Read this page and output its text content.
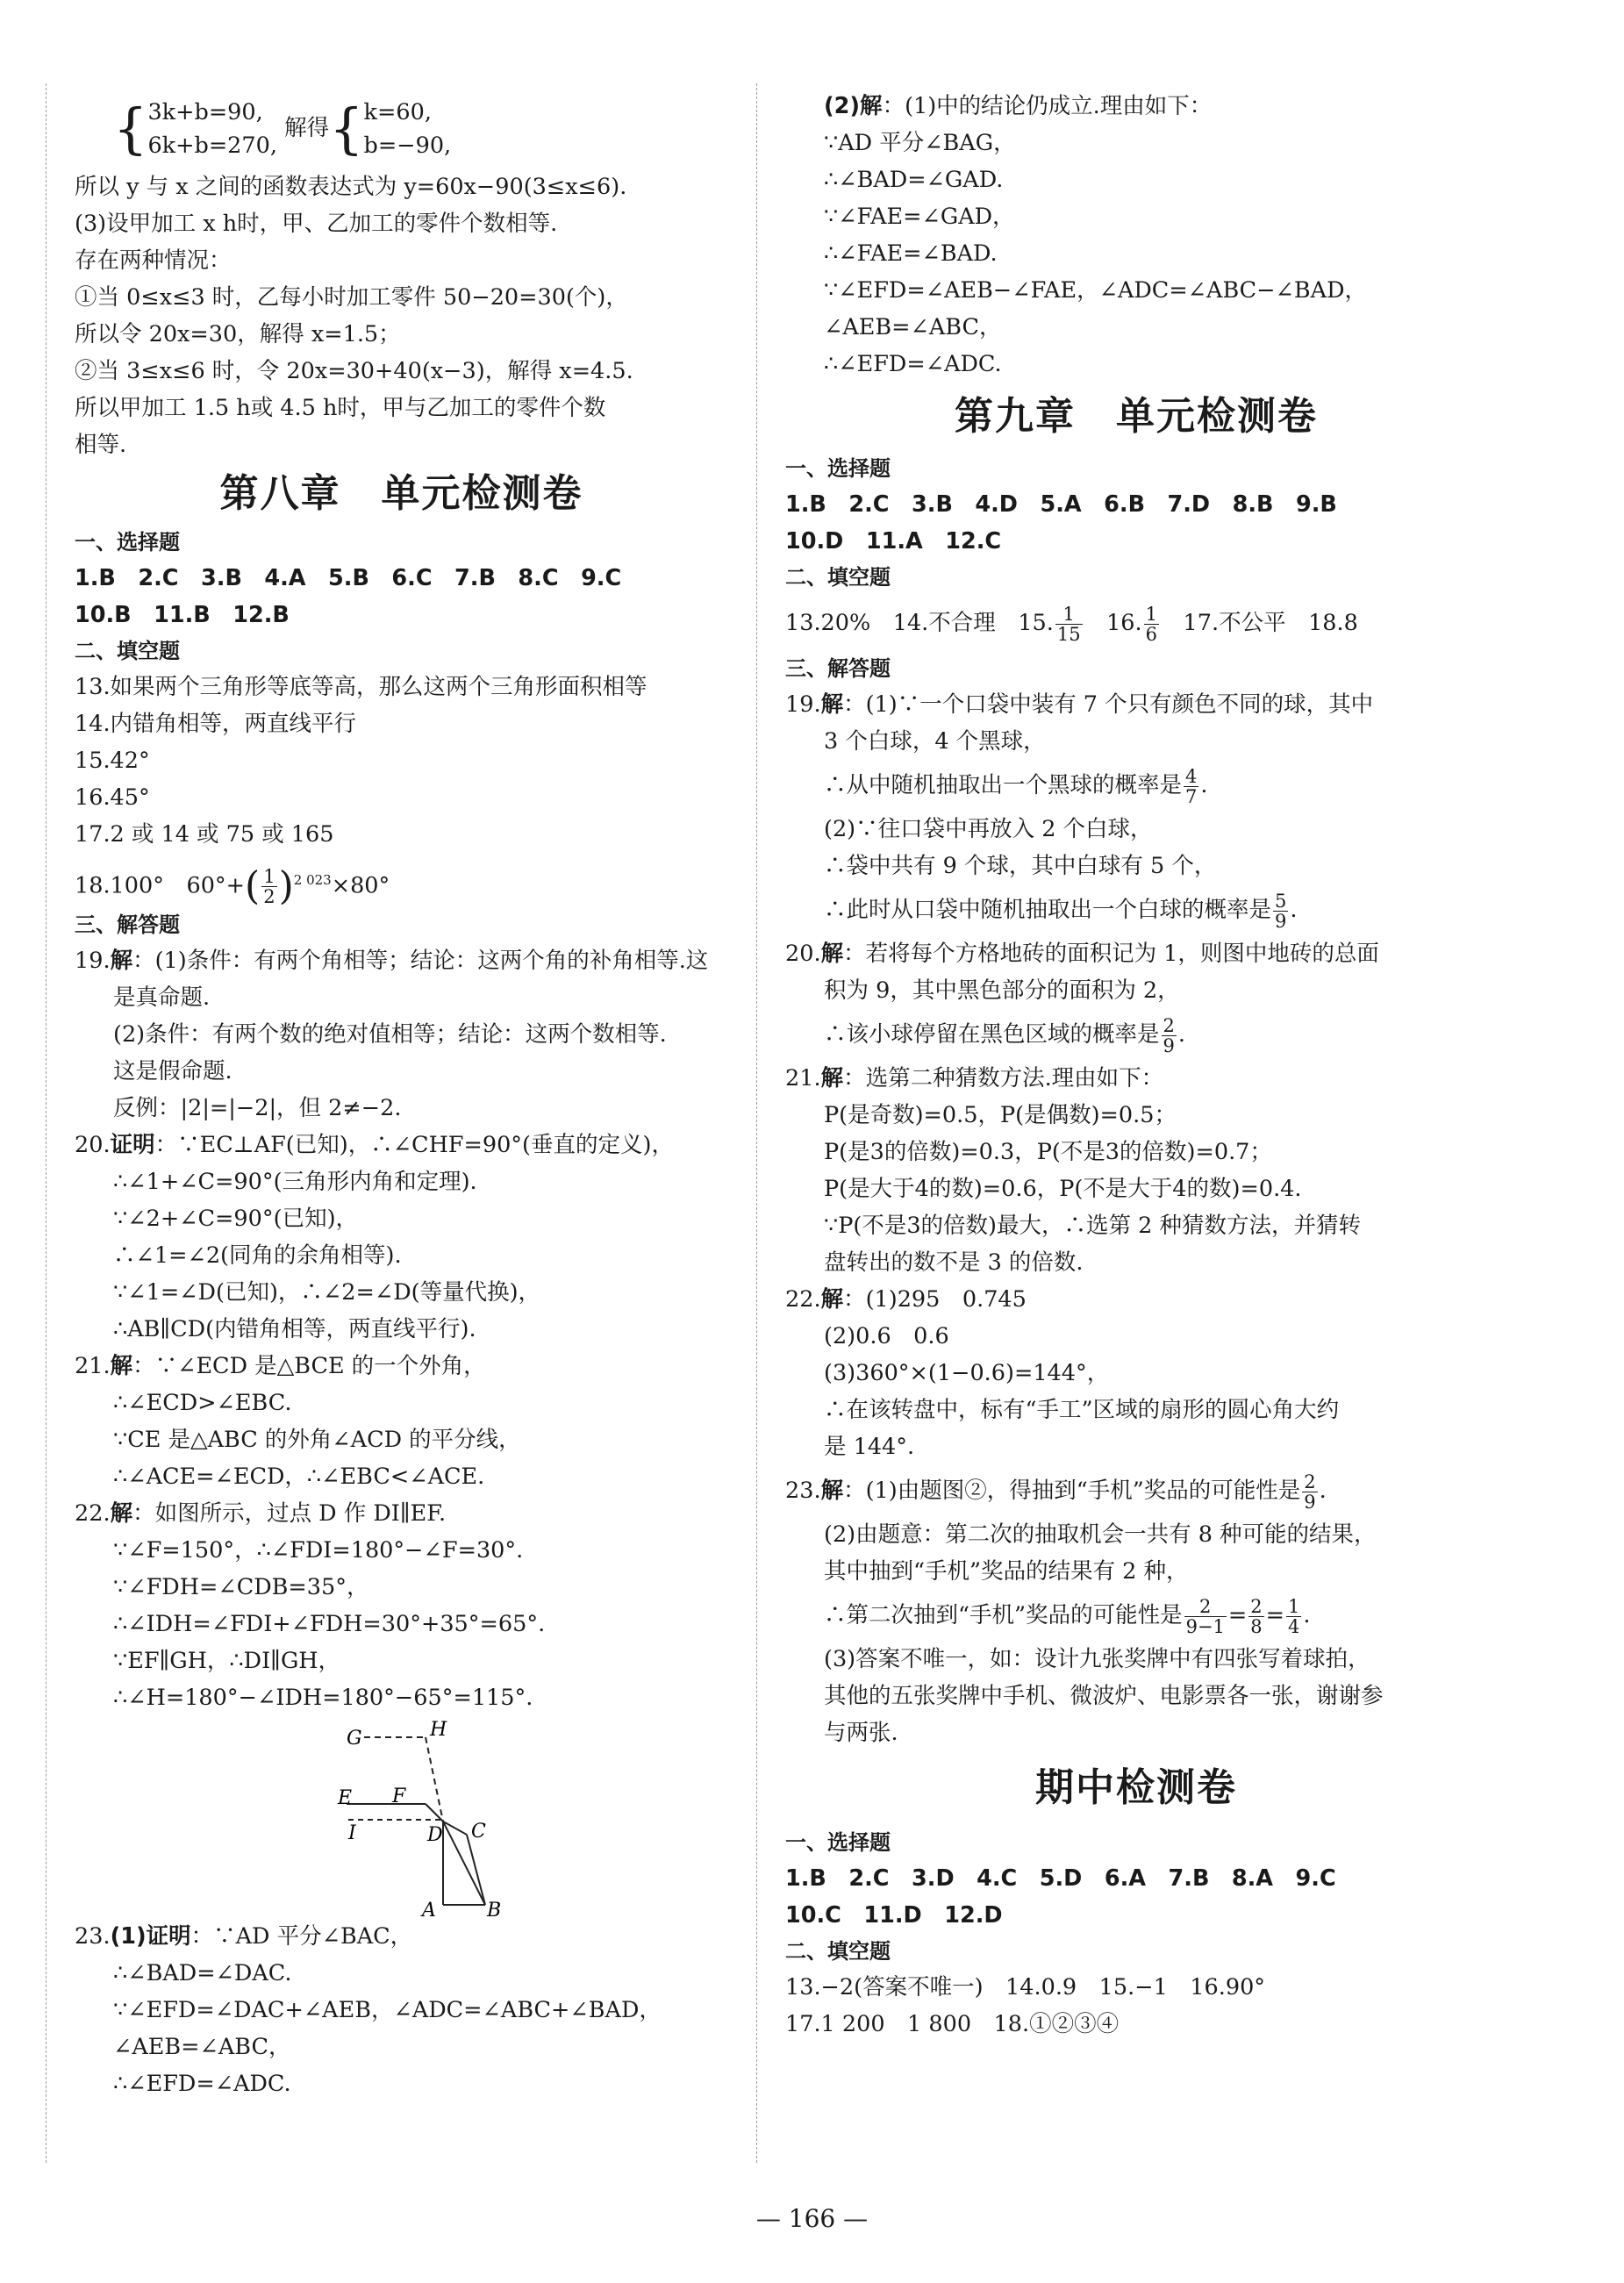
{3k+b=90,
6k+b=270, 解得{k=60,
b=−90,
所以 y 与 x 之间的函数表达式为 y=60x−90(3≤x≤6).
(3)设甲加工 x h时，甲、乙加工的零件个数相等.
存在两种情况：
①当 0≤x≤3 时，乙每小时加工零件 50−20=30(个)，
所以令 20x=30，解得 x=1.5；
②当 3≤x≤6 时，令 20x=30+40(x−3)，解得 x=4.5.
所以甲加工 1.5 h或 4.5 h时，甲与乙加工的零件个数
相等.
第八章　单元检测卷
一、选择题
1.B　2.C　3.B　4.A　5.B　6.C　7.B　8.C　9.C
10.B　11.B　12.B
二、填空题
13.如果两个三角形等底等高，那么这两个三角形面积相等
14.内错角相等，两直线平行
15.42°
16.45°
17.2 或 14 或 75 或 165
18.100°　$60^\circ+( \frac{1}{2} )^{2 023}\times 80^\circ$
三、解答题
19.解：(1)条件：有两个角相等；结论：这两个角的补角相等.这
是真命题.
(2)条件：有两个数的绝对值相等；结论：这两个数相等.
这是假命题.
反例：|2|=|−2|，但 2≠−2.
20.证明：∵EC⊥AF(已知)，∴∠CHF=90°(垂直的定义)，
∴∠1+∠C=90°(三角形内角和定理).
∵∠2+∠C=90°(已知)，
∴∠1=∠2(同角的余角相等).
∵∠1=∠D(已知)，∴∠2=∠D(等量代换)，
∴AB∥CD(内错角相等，两直线平行).
21.解：∵∠ECD 是△BCE 的一个外角，
∴∠ECD>∠EBC.
∵CE 是△ABC 的外角∠ACD 的平分线，
∴∠ACE=∠ECD，∴∠EBC<∠ACE.
22.解：如图所示，过点 D 作 DI∥EF.
∵∠F=150°，∴∠FDI=180°−∠F=30°.
∵∠FDH=∠CDB=35°，
∴∠IDH=∠FDI+∠FDH=30°+35°=65°.
∵EF∥GH，∴DI∥GH，
∴∠H=180°−∠IDH=180°−65°=115°.
G	H
E F
I	D C
A	B
23.(1)证明：∵AD 平分∠BAC，
∴∠BAD=∠DAC.
∵∠EFD=∠DAC+∠AEB，∠ADC=∠ABC+∠BAD，
∠AEB=∠ABC，
∴∠EFD=∠ADC.
(2)解：(1)中的结论仍成立.理由如下：
∵AD 平分∠BAG，
∴∠BAD=∠GAD.
∵∠FAE=∠GAD，
∴∠FAE=∠BAD.
∵∠EFD=∠AEB−∠FAE，∠ADC=∠ABC−∠BAD，
∠AEB=∠ABC，
∴∠EFD=∠ADC.
第九章　单元检测卷
一、选择题
1.B　2.C　3.B　4.D　5.A　6.B　7.D　8.B　9.B
10.D　11.A　12.C
二、填空题
13.20%　14.不合理　15. $\frac{1}{15}$ 　16. $\frac{1}{6}$ 　17.不公平　18.8
三、解答题
19.解：(1)∵一个口袋中装有 7 个只有颜色不同的球，其中
3 个白球，4 个黑球，
∴从中随机抽取出一个黑球的概率是 $\frac{4}{7}$ .
(2)∵往口袋中再放入 2 个白球，
∴袋中共有 9 个球，其中白球有 5 个，
∴此时从口袋中随机抽取出一个白球的概率是 $\frac{5}{9}$ .
20.解：若将每个方格地砖的面积记为 1，则图中地砖的总面
积为 9，其中黑色部分的面积为 2，
∴该小球停留在黑色区域的概率是 $\frac{2}{9}$ .
21.解：选第二种猜数方法.理由如下：
P(是奇数)=0.5，P(是偶数)=0.5；
P(是3的倍数)=0.3，P(不是3的倍数)=0.7；
P(是大于4的数)=0.6，P(不是大于4的数)=0.4.
∵P(不是3的倍数)最大，∴选第 2 种猜数方法，并猜转
盘转出的数不是 3 的倍数.
22.解：(1)295　0.745
(2)0.6　0.6
(3)360°×(1−0.6)=144°，
∴在该转盘中，标有“手工”区域的扇形的圆心角大约
是 144°.
23.解：(1)由题图②，得抽到“手机”奖品的可能性是 $\frac{2}{9}$ .
(2)由题意：第二次的抽取机会一共有 8 种可能的结果，
其中抽到“手机”奖品的结果有 2 种，
∴第二次抽到“手机”奖品的可能性是 $\frac{2}{9-1} = \frac{2}{8} = \frac{1}{4}$ .
(3)答案不唯一，如：设计九张奖牌中有四张写着球拍，
其他的五张奖牌中手机、微波炉、电影票各一张，谢谢参
与两张.
期中检测卷
一、选择题
1.B　2.C　3.D　4.C　5.D　6.A　7.B　8.A　9.C
10.C　11.D　12.D
二、填空题
13.−2(答案不唯一)　14.0.9　15.−1　16.90°
17.1 200　1 800　18.①②③④
— 166 —
